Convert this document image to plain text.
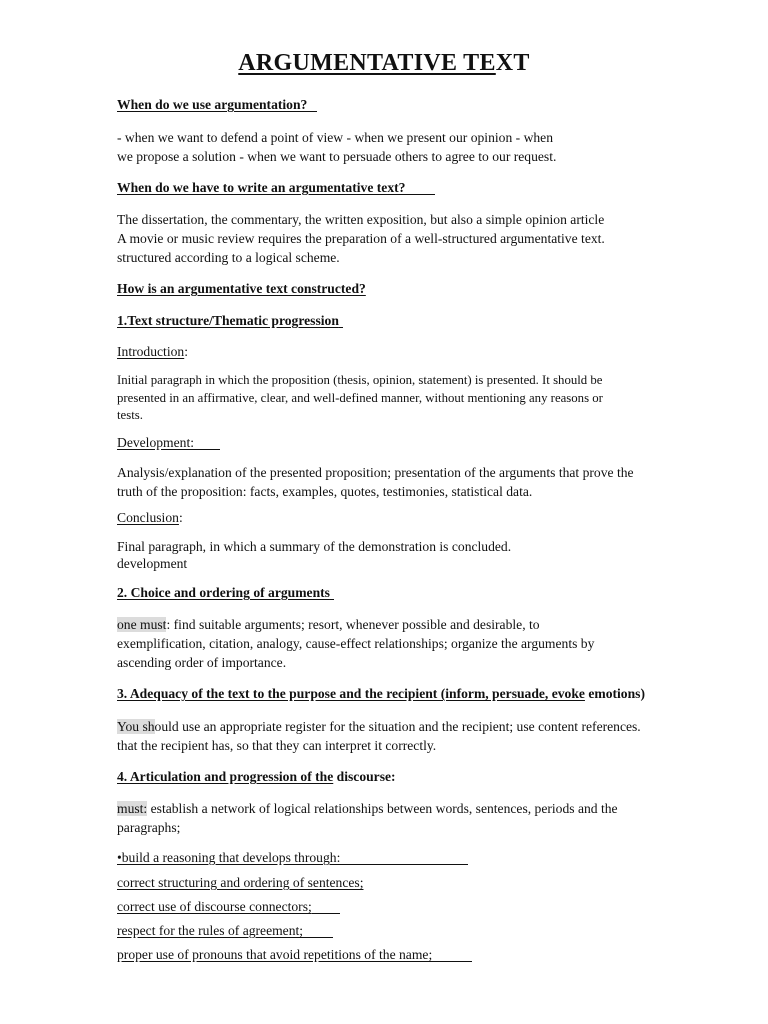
ARGUMENTATIVE TEXT

When do we use argumentation?

- when we want to defend a point of view - when we present our opinion - when
we propose a solution - when we want to persuade others to agree to our request.

When do we have to write an argumentative text?

The dissertation, the commentary, the written exposition, but also a simple opinion article
A movie or music review requires the preparation of a well-structured argumentative text.
structured according to a logical scheme.

How is an argumentative text constructed?

1.Text structure/Thematic progression

Introduction:

Initial paragraph in which the proposition (thesis, opinion, statement) is presented. It should be
presented in an affirmative, clear, and well-defined manner, without mentioning any reasons or
tests.

Development:

Analysis/explanation of the presented proposition; presentation of the arguments that prove the
truth of the proposition: facts, examples, quotes, testimonies, statistical data.

Conclusion:

Final paragraph, in which a summary of the demonstration is concluded.
development

2. Choice and ordering of arguments

one must: find suitable arguments; resort, whenever possible and desirable, to
exemplification, citation, analogy, cause-effect relationships; organize the arguments by
ascending order of importance.

3. Adequacy of the text to the purpose and the recipient (inform, persuade, evoke emotions)

You should use an appropriate register for the situation and the recipient; use content references.
that the recipient has, so that they can interpret it correctly.

4. Articulation and progression of the discourse:

must: establish a network of logical relationships between words, sentences, periods and the
paragraphs;

•build a reasoning that develops through:

correct structuring and ordering of sentences;

correct use of discourse connectors;

respect for the rules of agreement;

proper use of pronouns that avoid repetitions of the name;
